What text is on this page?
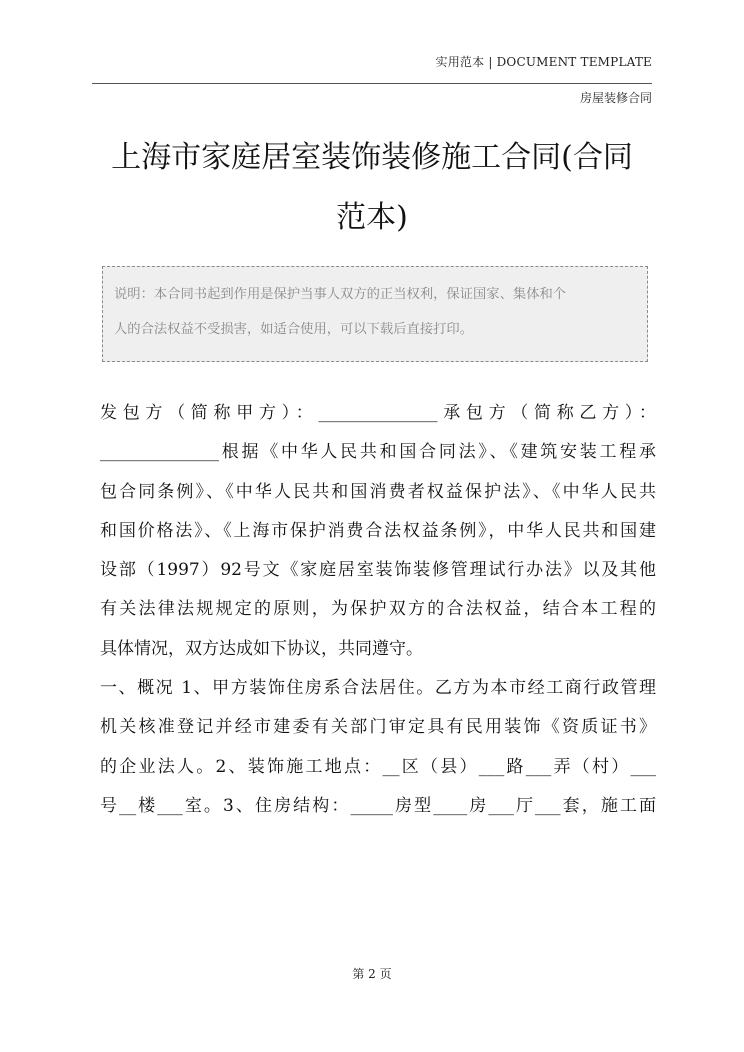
实用范本 | DOCUMENT TEMPLATE
房屋装修合同
上海市家庭居室装饰装修施工合同(合同
范本)
说明：本合同书起到作用是保护当事人双方的正当权利，保证国家、集体和个
人的合法权益不受损害，如适合使用，可以下载后直接打印。
发包方（简称甲方）：______________承包方（简称乙方）：
______________根据《中华人民共和国合同法》、《建筑安装工程承
包合同条例》、《中华人民共和国消费者权益保护法》、《中华人民共
和国价格法》、《上海市保护消费合法权益条例》，中华人民共和国建
设部（1997）92号文《家庭居室装饰装修管理试行办法》以及其他
有关法律法规规定的原则，为保护双方的合法权益，结合本工程的
具体情况，双方达成如下协议，共同遵守。
一、概况 1、甲方装饰住房系合法居住。乙方为本市经工商行政管理
机关核准登记并经市建委有关部门审定具有民用装饰《资质证书》
的企业法人。2、装饰施工地点：__区（县）___路___弄（村）___
号__楼___室。3、住房结构：_____房型____房___厅___套，施工面
第 2 页
